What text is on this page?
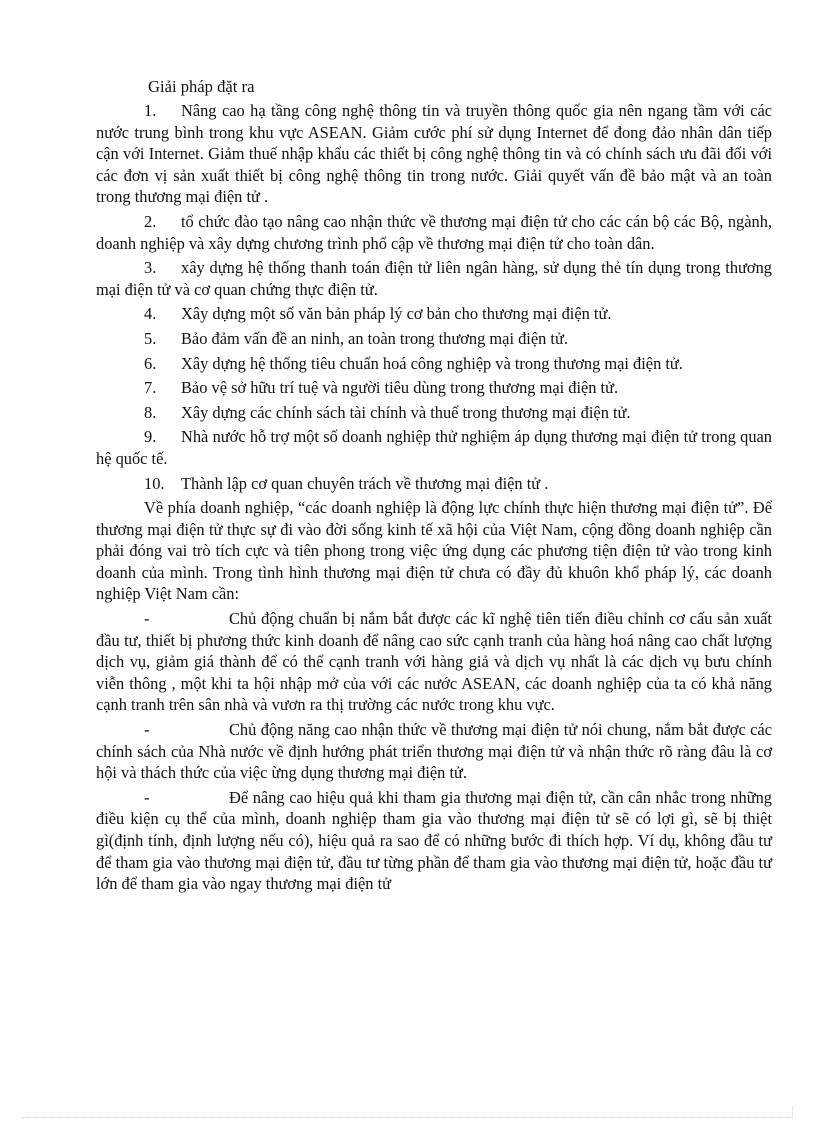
Giải pháp đặt ra

1. Nâng cao hạ tầng công nghệ thông tin và truyền thông quốc gia nên ngang tầm với các nước trung bình trong khu vực ASEAN. Giảm cước phí sử dụng Internet để đong đảo nhân dân tiếp cận với Internet. Giảm thuế nhập khẩu các thiết bị công nghệ thông tin và có chính sách ưu đãi đối với các đơn vị sản xuất thiết bị công nghệ thông tin trong nước. Giải quyết vấn đề bảo mật và an toàn trong thương mại điện tử .

2. tổ chức đào tạo nâng cao nhận thức về thương mại điện tử cho các cán bộ các Bộ, ngành, doanh nghiệp và xây dựng chương trình phổ cập về thương mại điện tử cho toàn dân.

3. xây dựng hệ thống thanh toán điện tử liên ngân hàng, sử dụng thẻ tín dụng trong thương mại điện tử và cơ quan chứng thực điện tử.

4. Xây dựng một số văn bản pháp lý cơ bản cho thương mại điện tử.

5. Bảo đảm vấn đề an ninh, an toàn trong thương mại điện tử.

6. Xây dựng hệ thống tiêu chuẩn hoá công nghiệp và trong thương mại điện tử.

7. Bảo vệ sở hữu trí tuệ và người tiêu dùng trong thương mại điện tử.

8. Xây dựng các chính sách tài chính và thuế trong thương mại điện tử.

9. Nhà nước hỗ trợ một số doanh nghiệp thử nghiệm áp dụng thương mại điện tử trong quan hệ quốc tế.

10. Thành lập cơ quan chuyên trách về thương mại điện tử .

Về phía doanh nghiệp, “các doanh nghiệp là động lực chính thực hiện thương mại điện tử”. Để thương mại điện tử thực sự đi vào đời sống kinh tế xã hội của Việt Nam, cộng đồng doanh nghiệp cần phải đóng vai trò tích cực và tiên phong trong việc ứng dụng các phương tiện điện tử vào trong kinh doanh của mình. Trong tình hình thương mại điện tử chưa có đầy đủ khuôn khổ pháp lý, các doanh nghiệp Việt Nam cần:

-	Chủ động chuẩn bị nắm bắt được các kĩ nghệ tiên tiến điều chỉnh cơ cấu sản xuất đầu tư, thiết bị phương thức kinh doanh để nâng cao sức cạnh tranh của hàng hoá nâng cao chất lượng dịch vụ, giảm giá thành để có thể cạnh tranh với hàng giả và dịch vụ nhất là các dịch vụ bưu chính viễn thông , một khi ta hội nhập mở của với các nước ASEAN, các doanh nghiệp của ta có khả năng cạnh tranh trên sân nhà và vươn ra thị trường các nước trong khu vực.

-	Chủ động năng cao nhận thức về thương mại điện tử nói chung, nắm bắt được các chính sách của Nhà nước về định hướng phát triển thương mại điện tử và nhận thức rõ ràng đâu là cơ hội và thách thức của việc ừng dụng thương mại điện tử.

-	Để nâng cao hiệu quả khi tham gia thương mại điện tử, cần cân nhắc trong những điều kiện cụ thể của mình, doanh nghiệp tham gia vào thương mại điện tử sẽ có lợi gì, sẽ bị thiệt gì(định tính, định lượng nếu có), hiệu quả ra sao để có những bước đi thích hợp. Ví dụ, không đầu tư để tham gia vào thương mại điện tử, đầu tư từng phần để tham gia vào thương mại điện tử, hoặc đầu tư lớn để tham gia vào ngay thương mại điện tử
